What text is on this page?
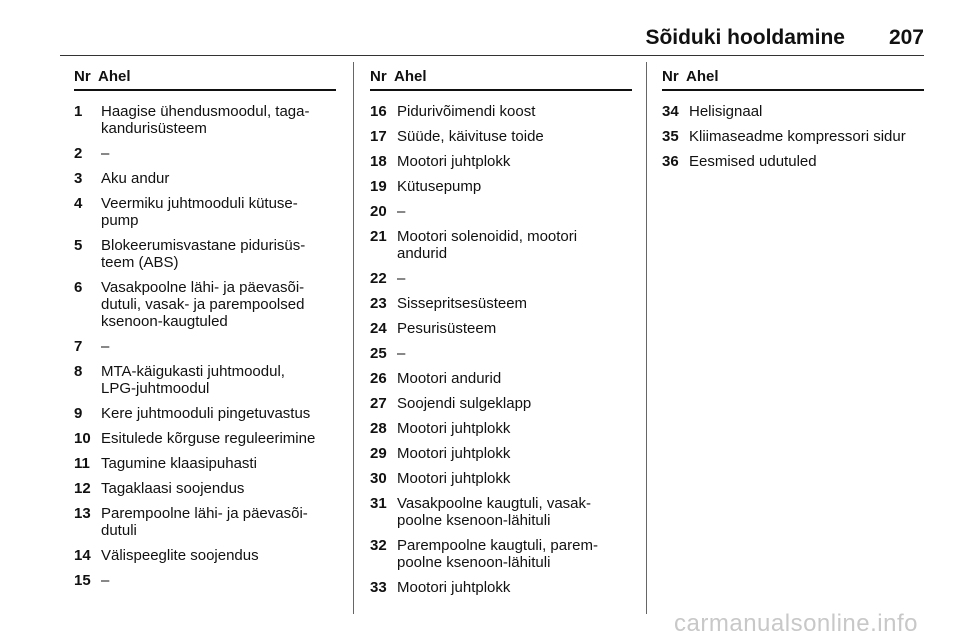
Sõiduki hooldamine 207
Nr Ahel
1	Haagise ühendusmoodul, taga-
kandurisüsteem
2	–
3	Aku andur
4	Veermiku juhtmooduli kütuse-
pump
5	Blokeerumisvastane pidurisüs-
teem (ABS)
6	Vasakpoolne lähi- ja päevasõi-
dutuli, vasak- ja parempoolsed
ksenoon-kaugtuled
7	–
8	MTA-käigukasti juhtmoodul,
LPG-juhtmoodul
9	Kere juhtmooduli pingetuvastus
10 Esitulede kõrguse reguleerimine
11 Tagumine klaasipuhasti
12 Tagaklaasi soojendus
13 Parempoolne lähi- ja päevasõi-
dutuli
14 Välispeeglite soojendus
15 –
Nr Ahel
16 Pidurivõimendi koost
17 Süüde, käivituse toide
18 Mootori juhtplokk
19 Kütusepump
20 –
21 Mootori solenoidid, mootori
andurid
22 –
23 Sissepritsesüsteem
24 Pesurisüsteem
25 –
26 Mootori andurid
27 Soojendi sulgeklapp
28 Mootori juhtplokk
29 Mootori juhtplokk
30 Mootori juhtplokk
31 Vasakpoolne kaugtuli, vasak-
poolne ksenoon-lähituli
32 Parempoolne kaugtuli, parem-
poolne ksenoon-lähituli
33 Mootori juhtplokk
Nr Ahel
34 Helisignaal
35 Kliimaseadme kompressori sidur
36 Eesmised udutuled
carmanualsonline.info
